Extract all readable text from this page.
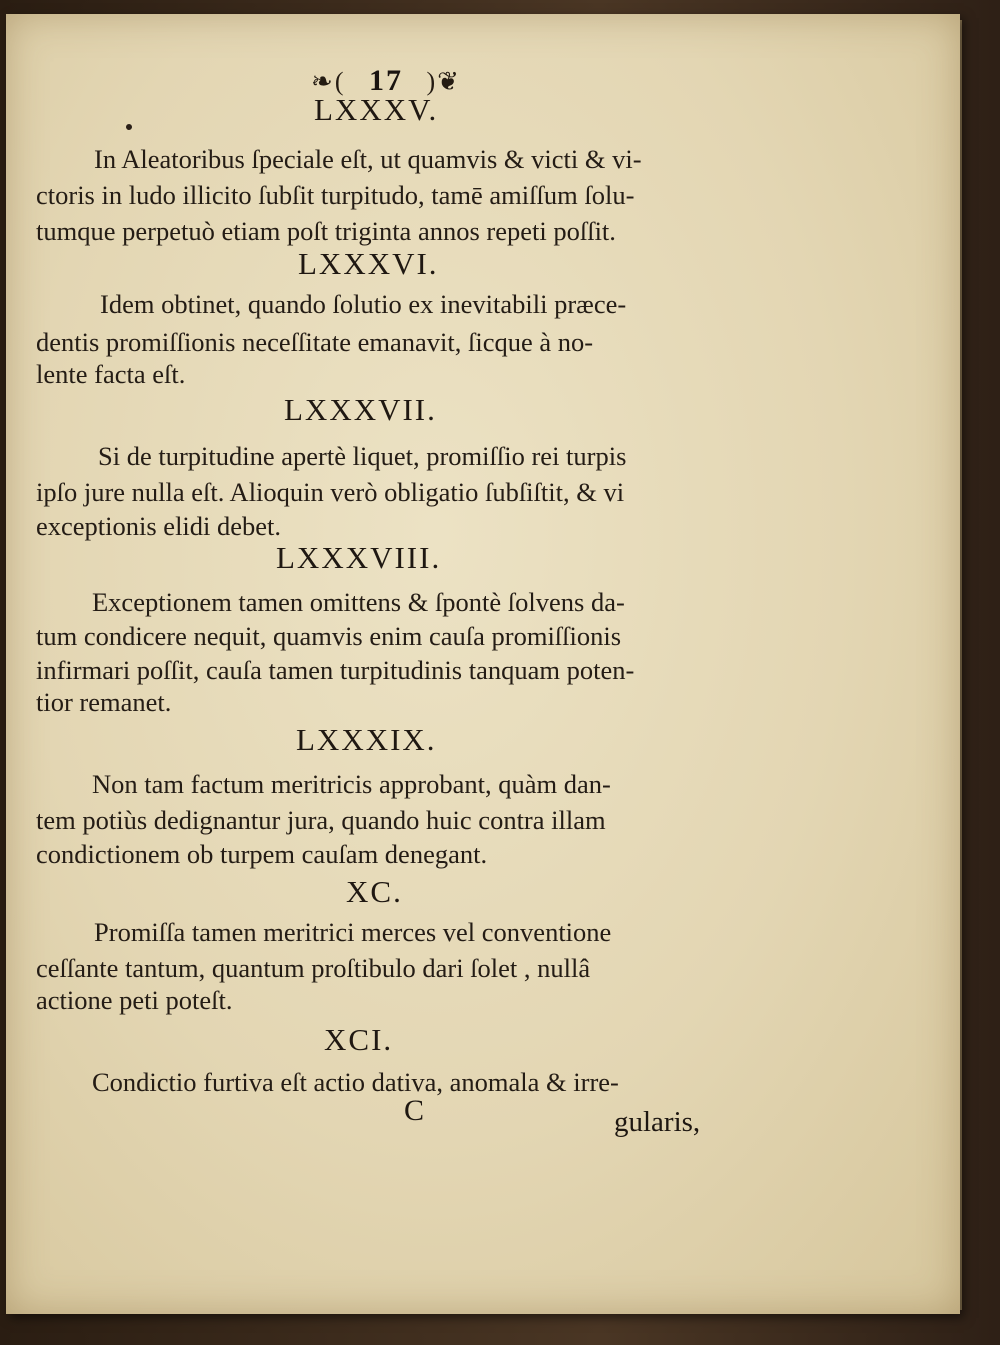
❧( 17 )❦
LXXXV.
In Aleatoribus ſpeciale eſt, ut quamvis & victi & vi-
ctoris in ludo illicito ſubſit turpitudo, tamē amiſſum ſolu-
tumque perpetuò etiam poſt triginta annos repeti poſſit.
LXXXVI.
Idem obtinet, quando ſolutio ex inevitabili præce-
dentis promiſſionis neceſſitate emanavit, ſicque à no-
lente facta eſt.
LXXXVII.
Si de turpitudine apertè liquet, promiſſio rei turpis
ipſo jure nulla eſt. Alioquin verò obligatio ſubſiſtit, & vi
exceptionis elidi debet.
LXXXVIII.
Exceptionem tamen omittens & ſpontè ſolvens da-
tum condicere nequit, quamvis enim cauſa promiſſionis
infirmari poſſit, cauſa tamen turpitudinis tanquam poten-
tior remanet.
LXXXIX.
Non tam factum meritricis approbant, quàm dan-
tem potiùs dedignantur jura, quando huic contra illam
condictionem ob turpem cauſam denegant.
XC.
Promiſſa tamen meritrici merces vel conventione
ceſſante tantum, quantum proſtibulo dari ſolet , nullâ
actione peti poteſt.
XCI.
Condictio furtiva eſt actio dativa, anomala & irre-
C	gularis,
